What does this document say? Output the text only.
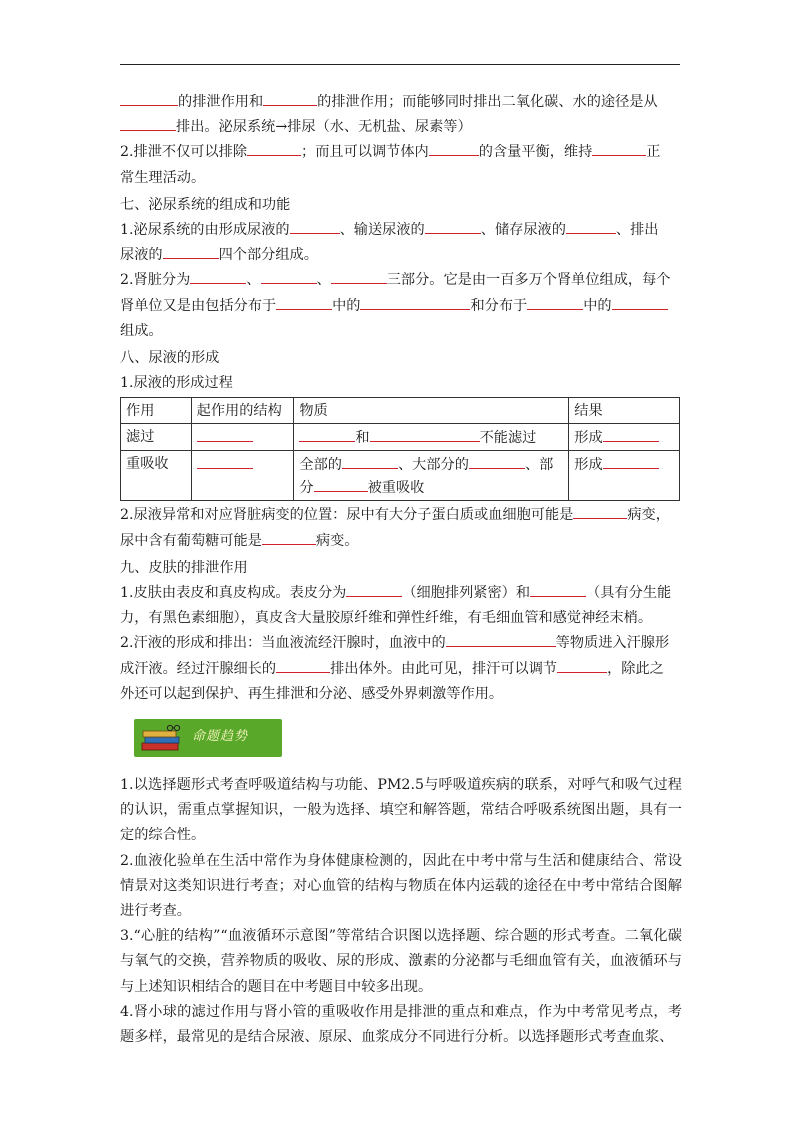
的排泄作用和	的排泄作用；而能够同时排出二氧化碳、水的途径是从

排出。泌尿系统→排尿（水、无机盐、尿素等）

2.排泄不仅可以排除	；而且可以调节体内	的含量平衡，维持	正

常生理活动。

七、泌尿系统的组成和功能

1.泌尿系统的由形成尿液的	、输送尿液的	、储存尿液的	、排出

尿液的	四个部分组成。

2.肾脏分为	、	、	三部分。它是由一百多万个肾单位组成，每个

肾单位又是由包括分布于	中的	和分布于	中的

组成。

八、尿液的形成

1.尿液的形成过程

作用	起作用的结构	物质	结果
滤过		和 不能滤过	形成
重吸收		全部的 、大部分的 、部
分 被重吸收	形成

2.尿液异常和对应肾脏病变的位置：尿中有大分子蛋白质或血细胞可能是	病变，

尿中含有葡萄糖可能是	病变。

九、皮肤的排泄作用

1.皮肤由表皮和真皮构成。表皮分为	（细胞排列紧密）和	（具有分生能

力，有黑色素细胞），真皮含大量胶原纤维和弹性纤维，有毛细血管和感觉神经末梢。

2.汗液的形成和排出：当血液流经汗腺时，血液中的	等物质进入汗腺形

成汗液。经过汗腺细长的	排出体外。由此可见，排汗可以调节	，除此之

外还可以起到保护、再生排泄和分泌、感受外界刺激等作用。

命题趋势

1.以选择题形式考查呼吸道结构与功能、PM2.5与呼吸道疾病的联系，对呼气和吸气过程的认识，需重点掌握知识，一般为选择、填空和解答题，常结合呼吸系统图出题，具有一定的综合性。

2.血液化验单在生活中常作为身体健康检测的，因此在中考中常与生活和健康结合、常设情景对这类知识进行考查；对心血管的结构与物质在体内运载的途径在中考中常结合图解进行考查。

3.“心脏的结构”“血液循环示意图”等常结合识图以选择题、综合题的形式考查。二氧化碳与氧气的交换，营养物质的吸收、尿的形成、激素的分泌都与毛细血管有关，血液循环与与上述知识相结合的题目在中考题目中较多出现。

4.肾小球的滤过作用与肾小管的重吸收作用是排泄的重点和难点，作为中考常见考点，考题多样，最常见的是结合尿液、原尿、血浆成分不同进行分析。以选择题形式考查血浆、
